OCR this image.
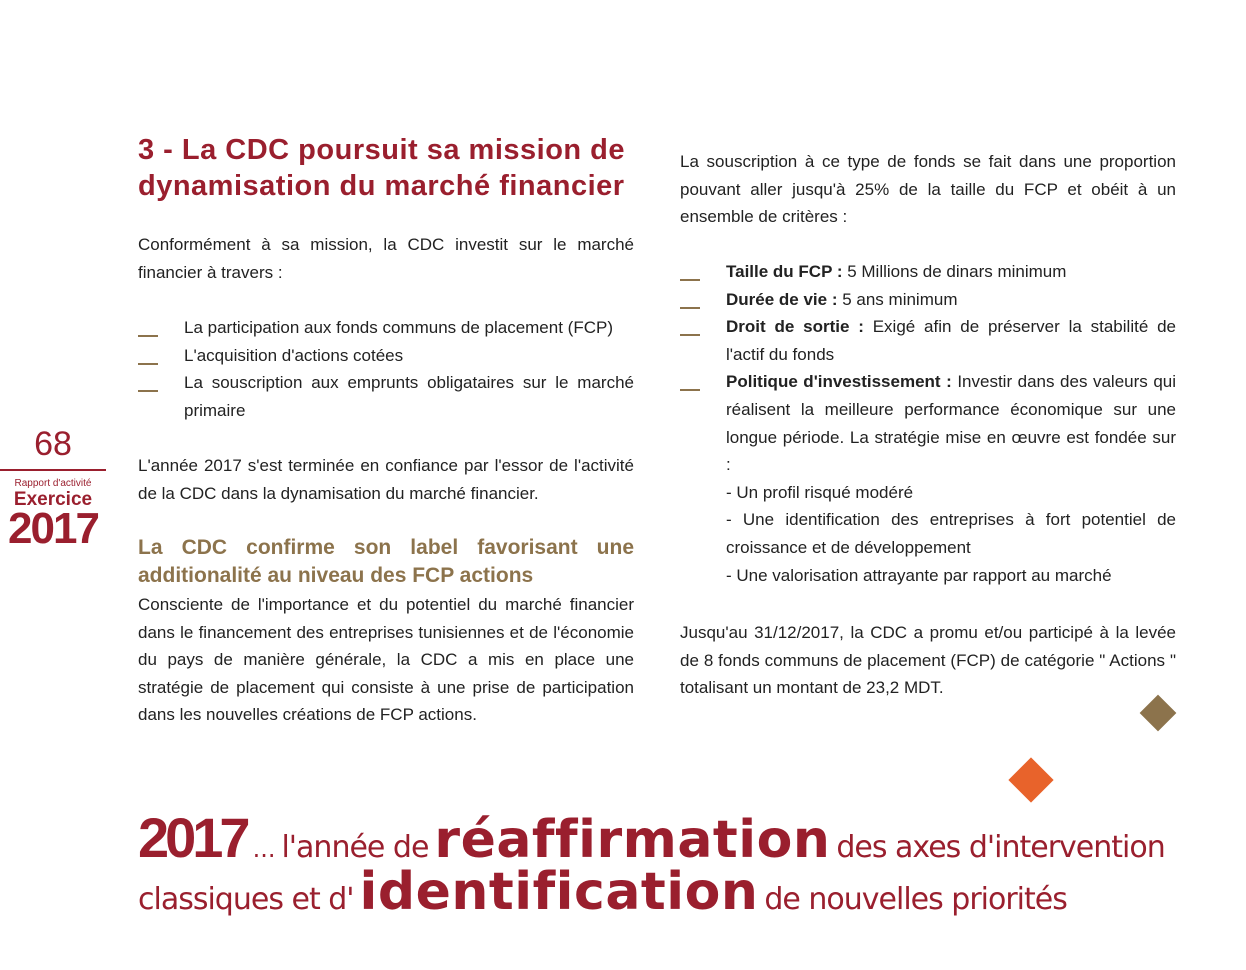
68
Rapport d'activité
Exercice
2017
3 - La CDC poursuit sa mission de dynamisation du marché financier
Conformément à sa mission, la CDC investit sur le marché financier à travers :
La participation aux fonds communs de placement (FCP)
L'acquisition d'actions cotées
La souscription aux emprunts obligataires sur le marché primaire
L'année 2017 s'est terminée en confiance par l'essor de l'activité de la CDC dans la dynamisation du marché financier.
La CDC confirme son label favorisant une additionalité au niveau des FCP actions
Consciente de l'importance et du potentiel du marché financier dans le financement des entreprises tunisiennes et de l'économie du pays de manière générale, la CDC a mis en place une stratégie de placement qui consiste à une prise de participation dans les nouvelles créations de FCP actions.
La souscription à ce type de fonds se fait dans une proportion pouvant aller jusqu'à 25% de la taille du FCP et obéit à un ensemble de critères :
Taille du FCP : 5 Millions de dinars minimum
Durée de vie : 5 ans minimum
Droit de sortie : Exigé afin de préserver la stabilité de l'actif du fonds
Politique d'investissement : Investir dans des valeurs qui réalisent la meilleure performance économique sur une longue période. La stratégie mise en œuvre est fondée sur :
- Un profil risqué modéré
- Une identification des entreprises à fort potentiel de croissance et de développement
- Une valorisation attrayante par rapport au marché
Jusqu'au 31/12/2017, la CDC a promu et/ou participé à la levée de 8 fonds communs de placement (FCP) de catégorie " Actions " totalisant un montant de 23,2 MDT.
2017 ... l'année de réaffirmation des axes d'intervention
classiques et d' identification de nouvelles priorités
